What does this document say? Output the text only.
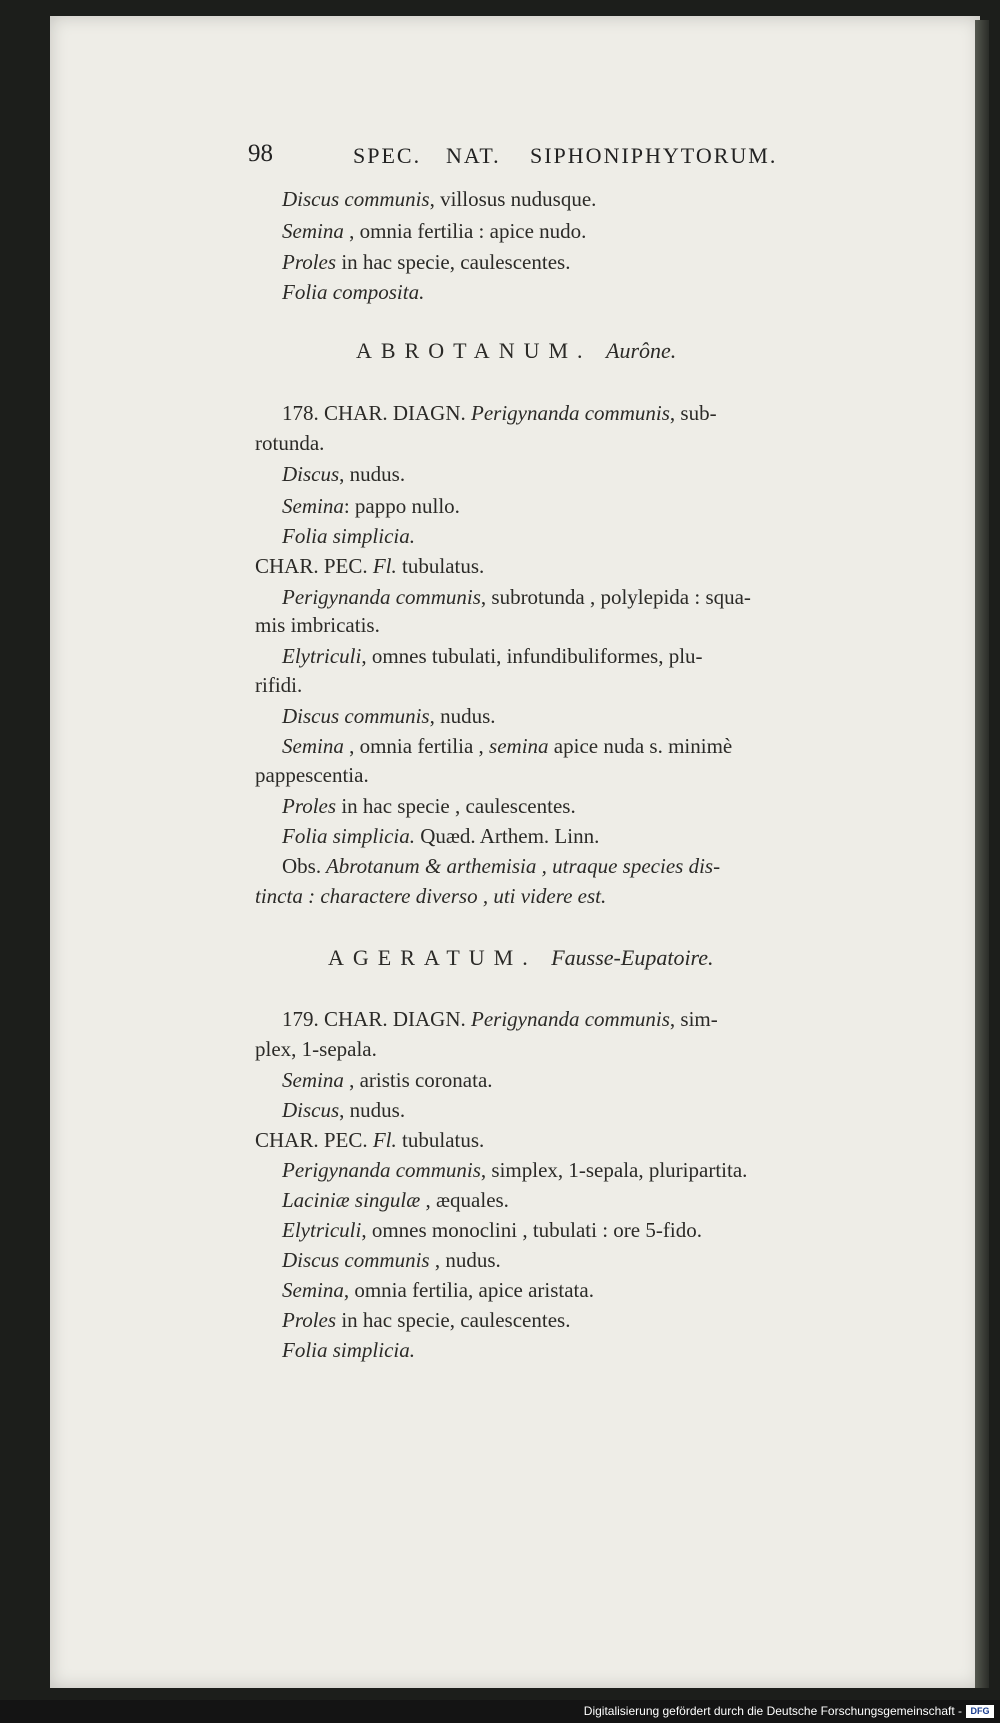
98	SPEC. NAT. SIPHONIPHYTORUM.
Discus communis, villosus nudusque.
Semina , omnia fertilia : apice nudo.
Proles in hac specie, caulescentes.
Folia composita.
ABROTANUM. Aurône.
178. CHAR. DIAGN. Perigynanda communis, sub-
rotunda.
Discus, nudus.
Semina: pappo nullo.
Folia simplicia.
CHAR. PEC. Fl. tubulatus.
Perigynanda communis, subrotunda , polylepida : squa-
mis imbricatis.
Elytriculi, omnes tubulati, infundibuliformes, plu-
rifidi.
Discus communis, nudus.
Semina , omnia fertilia , semina apice nuda s. minimè
pappescentia.
Proles in hac specie , caulescentes.
Folia simplicia. Quæd. Arthem. Linn.
Obs. Abrotanum & arthemisia , utraque species dis-
tincta : charactere diverso , uti videre est.
AGERATUM. Fausse-Eupatoire.
179. CHAR. DIAGN. Perigynanda communis, sim-
plex, 1-sepala.
Semina , aristis coronata.
Discus, nudus.
CHAR. PEC. Fl. tubulatus.
Perigynanda communis, simplex, 1-sepala, pluripartita.
Laciniæ singulæ , æquales.
Elytriculi, omnes monoclini , tubulati : ore 5-fido.
Discus communis , nudus.
Semina, omnia fertilia, apice aristata.
Proles in hac specie, caulescentes.
Folia simplicia.
Digitalisierung gefördert durch die Deutsche Forschungsgemeinschaft - DFG
